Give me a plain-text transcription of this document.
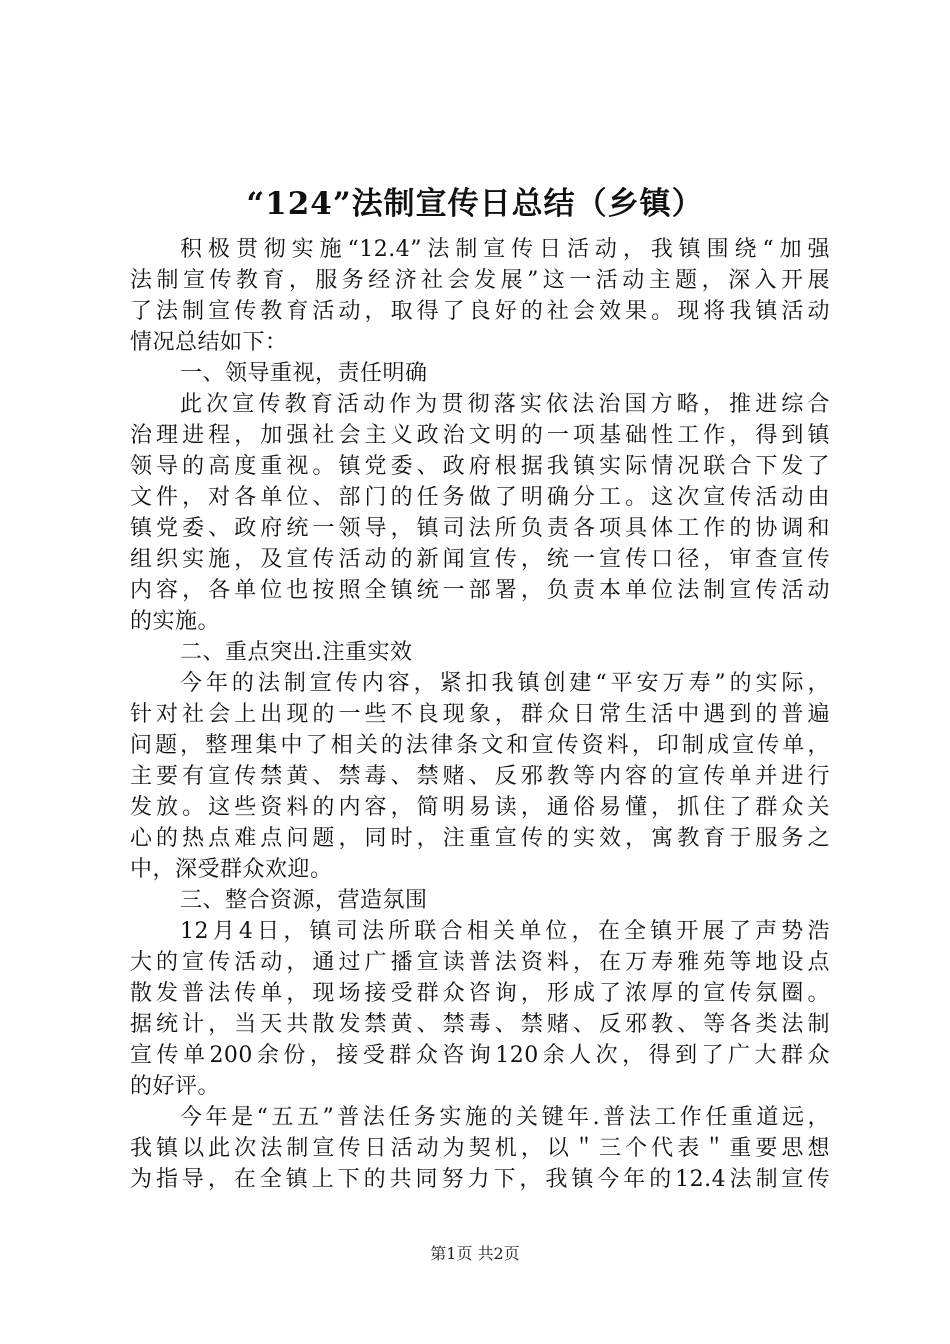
“124”法制宣传日总结（乡镇）
积极贯彻实施“12.4”法制宣传日活动，我镇围绕“加强
法制宣传教育，服务经济社会发展”这一活动主题，深入开展
了法制宣传教育活动，取得了良好的社会效果。现将我镇活动
情况总结如下：
一、领导重视，责任明确
此次宣传教育活动作为贯彻落实依法治国方略，推进综合
治理进程，加强社会主义政治文明的一项基础性工作，得到镇
领导的高度重视。镇党委、政府根据我镇实际情况联合下发了
文件，对各单位、部门的任务做了明确分工。这次宣传活动由
镇党委、政府统一领导，镇司法所负责各项具体工作的协调和
组织实施，及宣传活动的新闻宣传，统一宣传口径，审查宣传
内容，各单位也按照全镇统一部署，负责本单位法制宣传活动
的实施。
二、重点突出.注重实效
今年的法制宣传内容，紧扣我镇创建“平安万寿”的实际，
针对社会上出现的一些不良现象，群众日常生活中遇到的普遍
问题，整理集中了相关的法律条文和宣传资料，印制成宣传单，
主要有宣传禁黄、禁毒、禁赌、反邪教等内容的宣传单并进行
发放。这些资料的内容，简明易读，通俗易懂，抓住了群众关
心的热点难点问题，同时，注重宣传的实效，寓教育于服务之
中，深受群众欢迎。
三、整合资源，营造氛围
12月4日，镇司法所联合相关单位，在全镇开展了声势浩
大的宣传活动，通过广播宣读普法资料，在万寿雅苑等地设点
散发普法传单，现场接受群众咨询，形成了浓厚的宣传氛圈。
据统计，当天共散发禁黄、禁毒、禁赌、反邪教、等各类法制
宣传单200余份，接受群众咨询120余人次，得到了广大群众
的好评。
今年是“五五”普法任务实施的关键年.普法工作任重道远，
我镇以此次法制宣传日活动为契机，以＂三个代表＂重要思想
为指导，在全镇上下的共同努力下，我镇今年的12.4法制宣传
第1页 共2页
